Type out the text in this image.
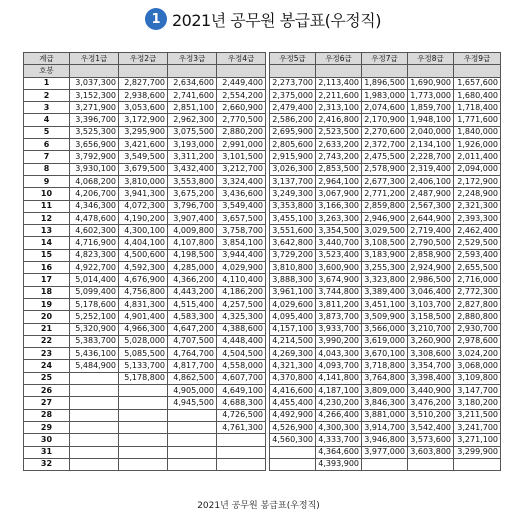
1 2021년 공무원 봉급표(우정직)
계급	우정1급	우정2급	우정3급	우정4급
호봉				
1	3,037,300	2,827,700	2,634,600	2,449,400
2	3,152,300	2,938,600	2,741,600	2,554,200
3	3,271,900	3,053,600	2,851,100	2,660,900
4	3,396,700	3,172,900	2,962,300	2,770,500
5	3,525,300	3,295,900	3,075,500	2,880,200
6	3,656,900	3,421,600	3,193,000	2,991,000
7	3,792,900	3,549,500	3,311,200	3,101,500
8	3,930,100	3,679,500	3,432,400	3,212,700
9	4,068,200	3,810,000	3,553,800	3,324,400
10	4,206,700	3,941,300	3,675,200	3,436,600
11	4,346,300	4,072,300	3,796,700	3,549,400
12	4,478,600	4,190,200	3,907,400	3,657,500
13	4,602,300	4,300,100	4,009,800	3,758,700
14	4,716,900	4,404,100	4,107,800	3,854,100
15	4,823,300	4,500,600	4,198,500	3,944,400
16	4,922,700	4,592,300	4,285,000	4,029,900
17	5,014,400	4,676,900	4,366,200	4,110,400
18	5,099,400	4,756,800	4,443,200	4,186,200
19	5,178,600	4,831,300	4,515,400	4,257,500
20	5,252,100	4,901,400	4,583,300	4,325,300
21	5,320,900	4,966,300	4,647,200	4,388,600
22	5,383,700	5,028,000	4,707,500	4,448,400
23	5,436,100	5,085,500	4,764,700	4,504,500
24	5,484,900	5,133,700	4,817,700	4,558,000
25		5,178,800	4,862,500	4,607,700
26			4,905,000	4,649,100
27			4,945,500	4,688,300
28				4,726,500
29				4,761,300
30				
31				
32				
우정5급	우정6급	우정7급	우정8급	우정9급

2,273,700	2,113,400	1,896,500	1,690,900	1,657,600
2,375,000	2,211,600	1,983,000	1,773,000	1,680,400
2,479,400	2,313,100	2,074,600	1,859,700	1,718,400
2,586,200	2,416,800	2,170,900	1,948,100	1,771,600
2,695,900	2,523,500	2,270,600	2,040,000	1,840,000
2,805,600	2,633,200	2,372,700	2,134,100	1,926,000
2,915,900	2,743,200	2,475,500	2,228,700	2,011,400
3,026,300	2,853,500	2,578,900	2,319,400	2,094,000
3,137,700	2,964,100	2,677,300	2,406,100	2,172,900
3,249,300	3,067,900	2,771,200	2,487,900	2,248,900
3,353,800	3,166,300	2,859,800	2,567,300	2,321,300
3,455,100	3,263,300	2,946,900	2,644,900	2,393,300
3,551,600	3,354,500	3,029,500	2,719,400	2,462,400
3,642,800	3,440,700	3,108,500	2,790,500	2,529,500
3,729,200	3,523,400	3,183,900	2,858,900	2,593,400
3,810,800	3,600,900	3,255,300	2,924,900	2,655,500
3,888,300	3,674,900	3,323,800	2,986,500	2,716,000
3,961,100	3,744,800	3,389,400	3,046,400	2,772,300
4,029,600	3,811,200	3,451,100	3,103,700	2,827,800
4,095,400	3,873,700	3,509,900	3,158,500	2,880,800
4,157,100	3,933,700	3,566,000	3,210,700	2,930,700
4,214,500	3,990,200	3,619,000	3,260,900	2,978,600
4,269,300	4,043,300	3,670,100	3,308,600	3,024,200
4,321,300	4,093,700	3,718,800	3,354,700	3,068,000
4,370,800	4,141,800	3,764,800	3,398,400	3,109,800
4,416,600	4,187,100	3,809,000	3,440,900	3,147,700
4,455,400	4,230,200	3,846,300	3,476,200	3,180,200
4,492,900	4,266,400	3,881,000	3,510,200	3,211,500
4,526,900	4,300,300	3,914,700	3,542,400	3,241,700
4,560,300	4,333,700	3,946,800	3,573,600	3,271,100
	4,364,600	3,977,000	3,603,800	3,299,900
	4,393,900			
2021년 공무원 봉급표(우정직)
